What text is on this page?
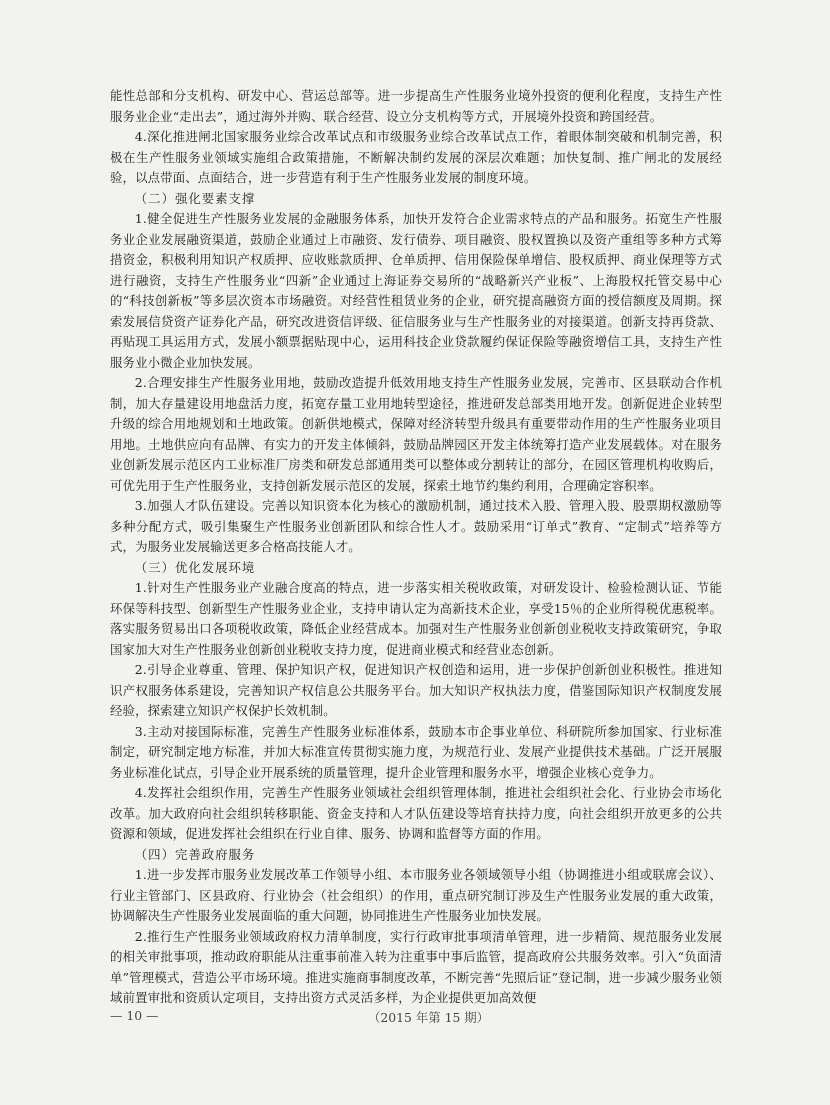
能性总部和分支机构、研发中心、营运总部等。进一步提高生产性服务业境外投资的便利化程度，支持生产性服务业企业“走出去”，通过海外并购、联合经营、设立分支机构等方式，开展境外投资和跨国经营。

4.深化推进闸北国家服务业综合改革试点和市级服务业综合改革试点工作，着眼体制突破和机制完善，积极在生产性服务业领域实施组合政策措施，不断解决制约发展的深层次难题；加快复制、推广闸北的发展经验，以点带面、点面结合，进一步营造有利于生产性服务业发展的制度环境。

（二）强化要素支撑

1.健全促进生产性服务业发展的金融服务体系，加快开发符合企业需求特点的产品和服务。拓宽生产性服务业企业发展融资渠道，鼓励企业通过上市融资、发行债券、项目融资、股权置换以及资产重组等多种方式筹措资金，积极利用知识产权质押、应收账款质押、仓单质押、信用保险保单增信、股权质押、商业保理等方式进行融资，支持生产性服务业“四新”企业通过上海证券交易所的“战略新兴产业板”、上海股权托管交易中心的“科技创新板”等多层次资本市场融资。对经营性租赁业务的企业，研究提高融资方面的授信额度及周期。探索发展信贷资产证券化产品，研究改进资信评级、征信服务业与生产性服务业的对接渠道。创新支持再贷款、再贴现工具运用方式，发展小额票据贴现中心，运用科技企业贷款履约保证保险等融资增信工具，支持生产性服务业小微企业加快发展。

2.合理安排生产性服务业用地，鼓励改造提升低效用地支持生产性服务业发展，完善市、区县联动合作机制，加大存量建设用地盘活力度，拓宽存量工业用地转型途径，推进研发总部类用地开发。创新促进企业转型升级的综合用地规划和土地政策。创新供地模式，保障对经济转型升级具有重要带动作用的生产性服务业项目用地。土地供应向有品牌、有实力的开发主体倾斜，鼓励品牌园区开发主体统筹打造产业发展载体。对在服务业创新发展示范区内工业标准厂房类和研发总部通用类可以整体或分割转让的部分，在园区管理机构收购后，可优先用于生产性服务业，支持创新发展示范区的发展，探索土地节约集约利用，合理确定容积率。

3.加强人才队伍建设。完善以知识资本化为核心的激励机制，通过技术入股、管理入股、股票期权激励等多种分配方式，吸引集聚生产性服务业创新团队和综合性人才。鼓励采用“订单式”教育、“定制式”培养等方式，为服务业发展输送更多合格高技能人才。

（三）优化发展环境

1.针对生产性服务业产业融合度高的特点，进一步落实相关税收政策，对研发设计、检验检测认证、节能环保等科技型、创新型生产性服务业企业，支持申请认定为高新技术企业，享受15％的企业所得税优惠税率。落实服务贸易出口各项税收政策，降低企业经营成本。加强对生产性服务业创新创业税收支持政策研究，争取国家加大对生产性服务业创新创业税收支持力度，促进商业模式和经营业态创新。

2.引导企业尊重、管理、保护知识产权，促进知识产权创造和运用，进一步保护创新创业积极性。推进知识产权服务体系建设，完善知识产权信息公共服务平台。加大知识产权执法力度，借鉴国际知识产权制度发展经验，探索建立知识产权保护长效机制。

3.主动对接国际标准，完善生产性服务业标准体系，鼓励本市企事业单位、科研院所参加国家、行业标准制定，研究制定地方标准，并加大标准宣传贯彻实施力度，为规范行业、发展产业提供技术基础。广泛开展服务业标准化试点，引导企业开展系统的质量管理，提升企业管理和服务水平，增强企业核心竞争力。

4.发挥社会组织作用，完善生产性服务业领域社会组织管理体制，推进社会组织社会化、行业协会市场化改革。加大政府向社会组织转移职能、资金支持和人才队伍建设等培育扶持力度，向社会组织开放更多的公共资源和领域，促进发挥社会组织在行业自律、服务、协调和监督等方面的作用。

（四）完善政府服务

1.进一步发挥市服务业发展改革工作领导小组、本市服务业各领域领导小组（协调推进小组或联席会议）、行业主管部门、区县政府、行业协会（社会组织）的作用，重点研究制订涉及生产性服务业发展的重大政策，协调解决生产性服务业发展面临的重大问题，协同推进生产性服务业加快发展。

2.推行生产性服务业领域政府权力清单制度，实行行政审批事项清单管理，进一步精简、规范服务业发展的相关审批事项，推动政府职能从注重事前准入转为注重事中事后监管，提高政府公共服务效率。引入“负面清单”管理模式，营造公平市场环境。推进实施商事制度改革，不断完善“先照后证”登记制，进一步减少服务业领域前置审批和资质认定项目，支持出资方式灵活多样，为企业提供更加高效便

— 10 —	（2015 年第 15 期）
